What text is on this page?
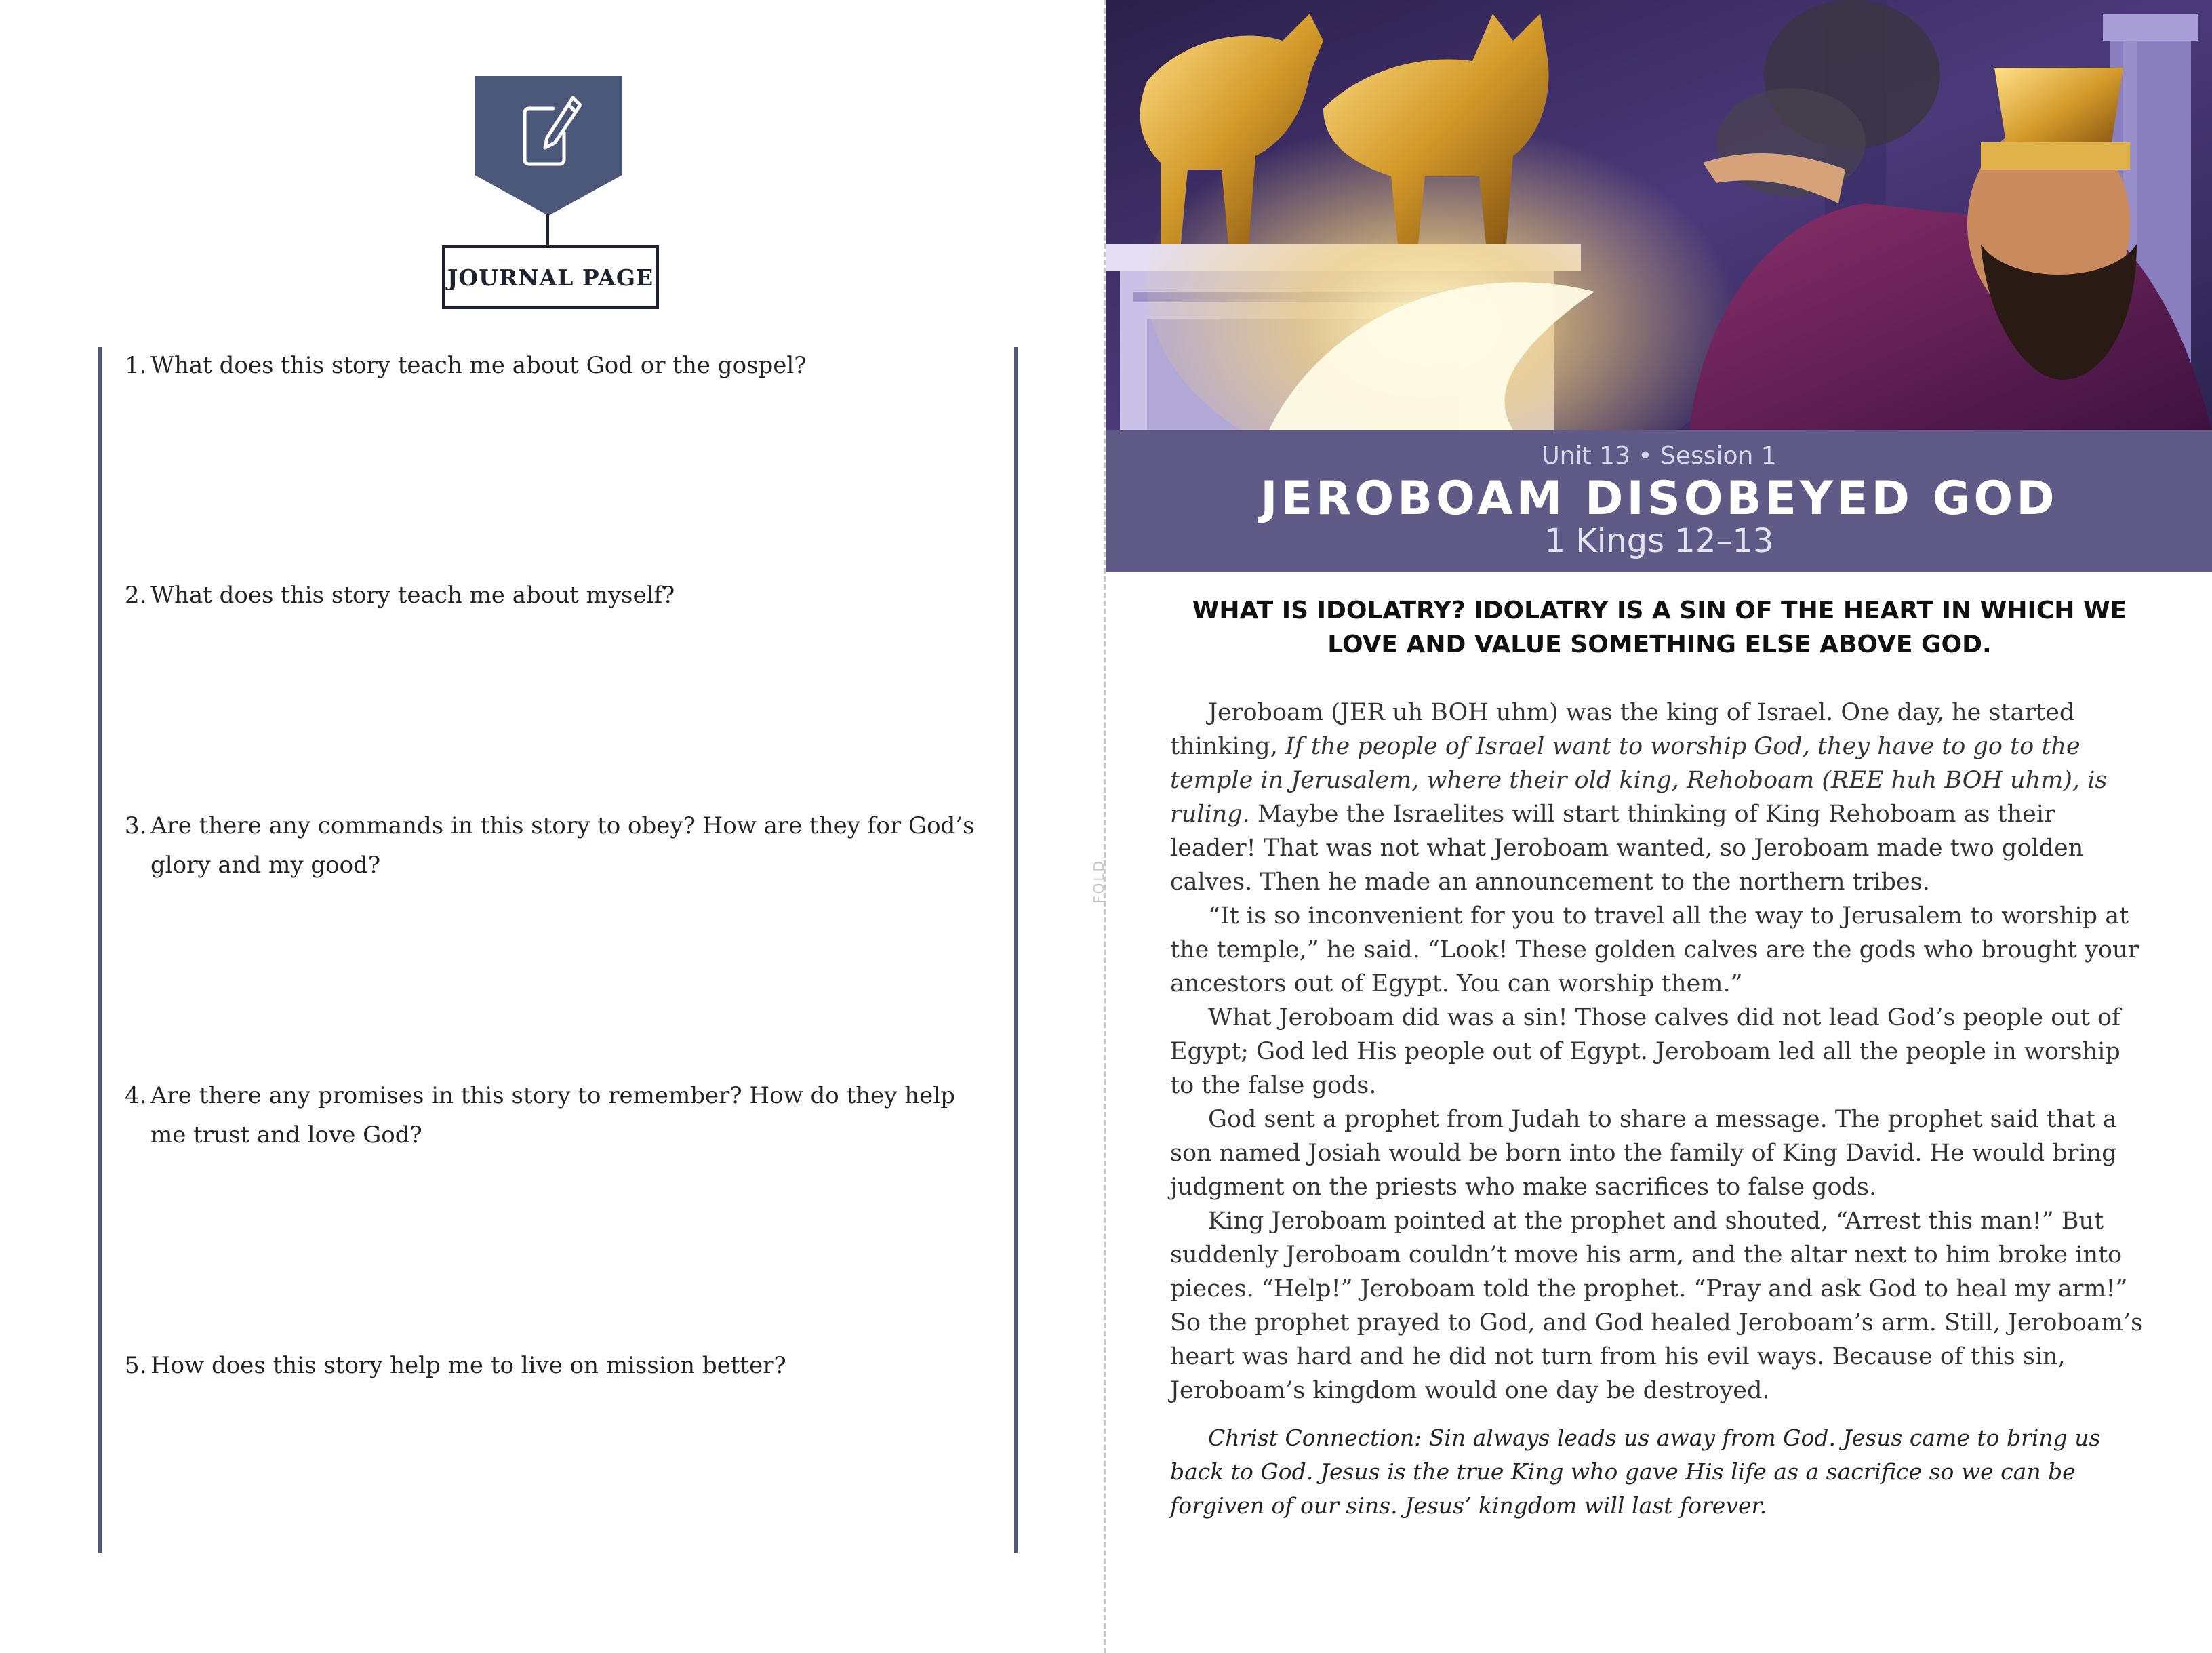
JOURNAL PAGE
1. What does this story teach me about God or the gospel?
2. What does this story teach me about myself?
3. Are there any commands in this story to obey? How are they for God’s glory and my good?
4. Are there any promises in this story to remember? How do they help me trust and love God?
5. How does this story help me to live on mission better?
FOLD
Unit 13 • Session 1
JEROBOAM DISOBEYED GOD
1 Kings 12–13
WHAT IS IDOLATRY? IDOLATRY IS A SIN OF THE HEART IN WHICH WE LOVE AND VALUE SOMETHING ELSE ABOVE GOD.

Jeroboam (JER uh BOH uhm) was the king of Israel. One day, he started thinking, If the people of Israel want to worship God, they have to go to the temple in Jerusalem, where their old king, Rehoboam (REE huh BOH uhm), is ruling. Maybe the Israelites will start thinking of King Rehoboam as their leader! That was not what Jeroboam wanted, so Jeroboam made two golden calves. Then he made an announcement to the northern tribes.

“It is so inconvenient for you to travel all the way to Jerusalem to worship at the temple,” he said. “Look! These golden calves are the gods who brought your ancestors out of Egypt. You can worship them.”

What Jeroboam did was a sin! Those calves did not lead God’s people out of Egypt; God led His people out of Egypt. Jeroboam led all the people in worship to the false gods.

God sent a prophet from Judah to share a message. The prophet said that a son named Josiah would be born into the family of King David. He would bring judgment on the priests who make sacrifices to false gods.

King Jeroboam pointed at the prophet and shouted, “Arrest this man!” But suddenly Jeroboam couldn’t move his arm, and the altar next to him broke into pieces. “Help!” Jeroboam told the prophet. “Pray and ask God to heal my arm!” So the prophet prayed to God, and God healed Jeroboam’s arm. Still, Jeroboam’s heart was hard and he did not turn from his evil ways. Because of this sin, Jeroboam’s kingdom would one day be destroyed.

Christ Connection: Sin always leads us away from God. Jesus came to bring us back to God. Jesus is the true King who gave His life as a sacrifice so we can be forgiven of our sins. Jesus’ kingdom will last forever.
